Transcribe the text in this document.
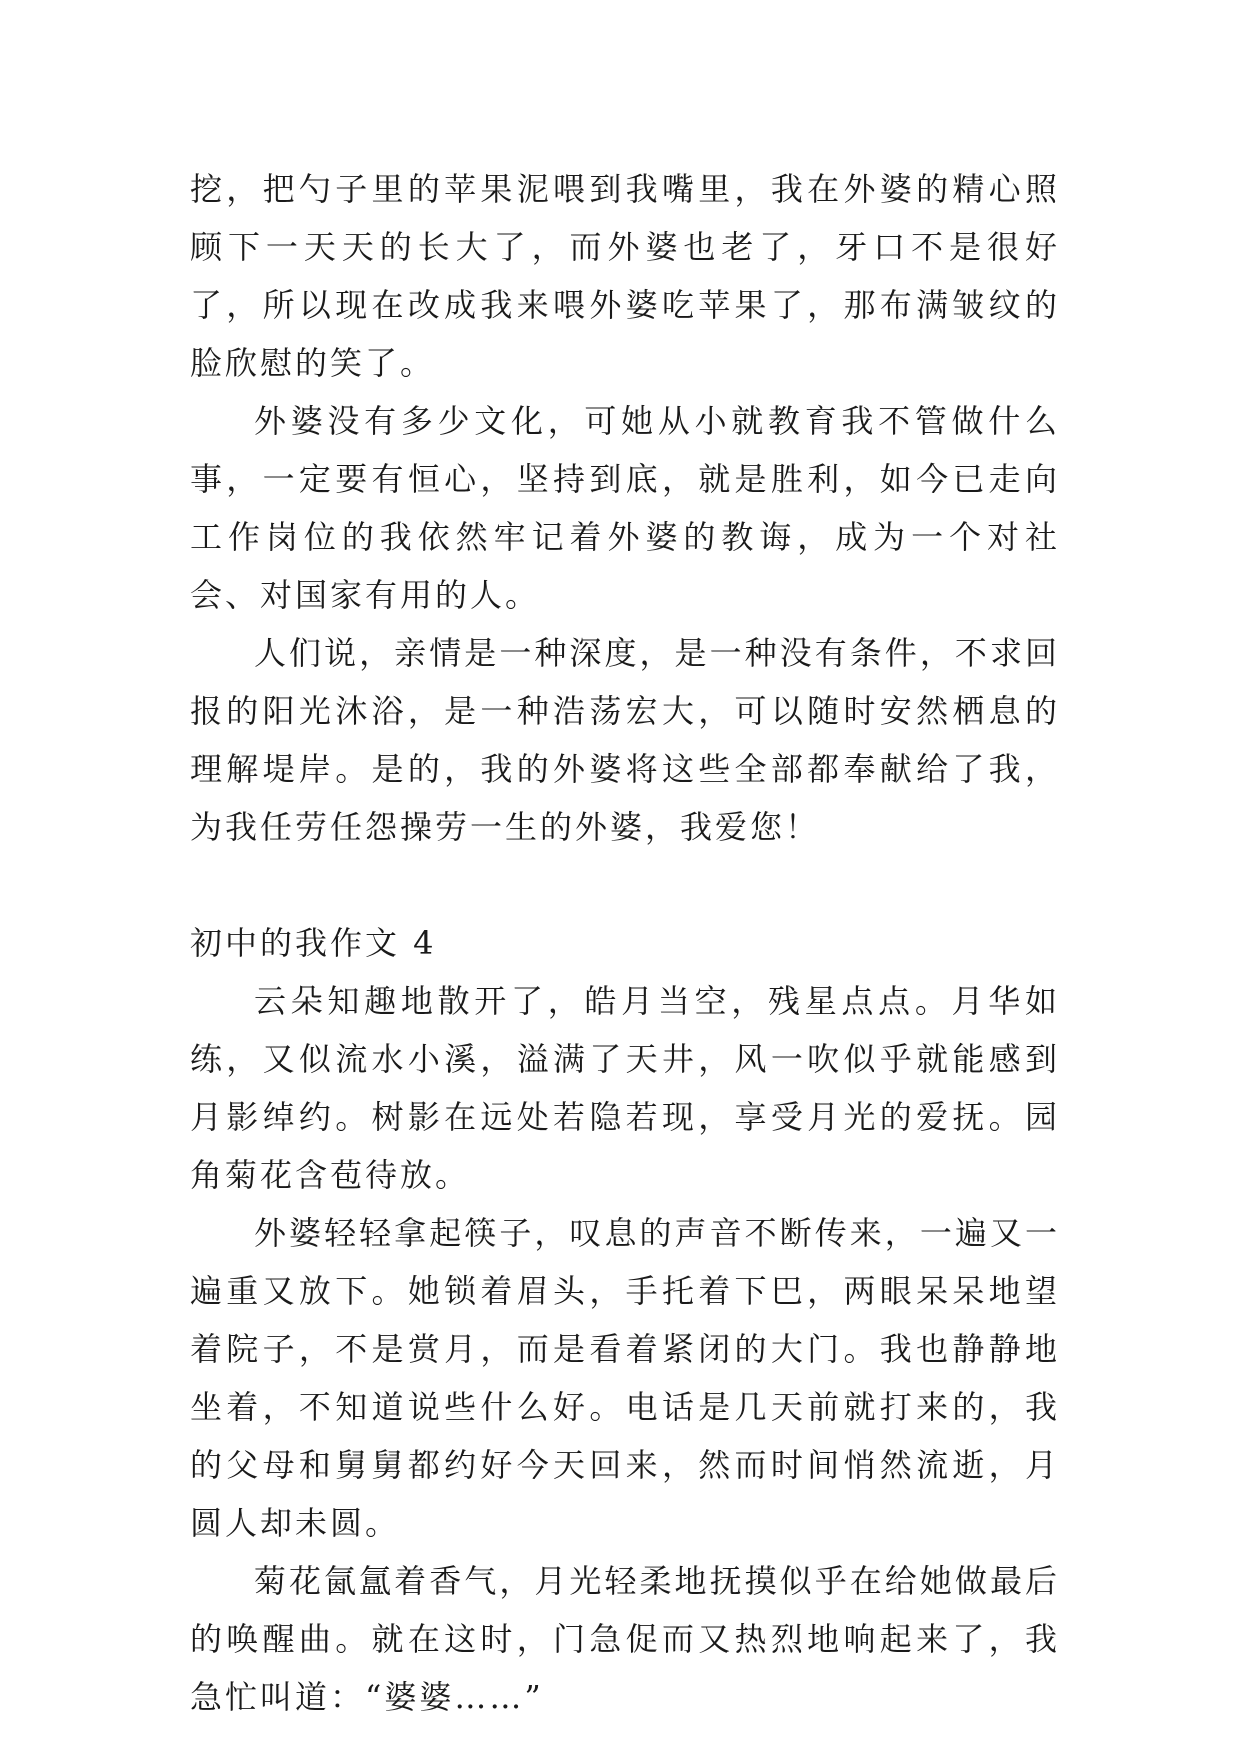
挖，把勺子里的苹果泥喂到我嘴里，我在外婆的精心照顾下一天天的长大了，而外婆也老了，牙口不是很好了，所以现在改成我来喂外婆吃苹果了，那布满皱纹的脸欣慰的笑了。

外婆没有多少文化，可她从小就教育我不管做什么事，一定要有恒心，坚持到底，就是胜利，如今已走向工作岗位的我依然牢记着外婆的教诲，成为一个对社会、对国家有用的人。

人们说，亲情是一种深度，是一种没有条件，不求回报的阳光沐浴，是一种浩荡宏大，可以随时安然栖息的理解堤岸。是的，我的外婆将这些全部都奉献给了我，为我任劳任怨操劳一生的外婆，我爱您！

初中的我作文 4

云朵知趣地散开了，皓月当空，残星点点。月华如练，又似流水小溪，溢满了天井，风一吹似乎就能感到月影绰约。树影在远处若隐若现，享受月光的爱抚。园角菊花含苞待放。

外婆轻轻拿起筷子，叹息的声音不断传来，一遍又一遍重又放下。她锁着眉头，手托着下巴，两眼呆呆地望着院子，不是赏月，而是看着紧闭的大门。我也静静地坐着，不知道说些什么好。电话是几天前就打来的，我的父母和舅舅都约好今天回来，然而时间悄然流逝，月圆人却未圆。

菊花氤氲着香气，月光轻柔地抚摸似乎在给她做最后的唤醒曲。就在这时，门急促而又热烈地响起来了，我急忙叫道：“婆婆……”
